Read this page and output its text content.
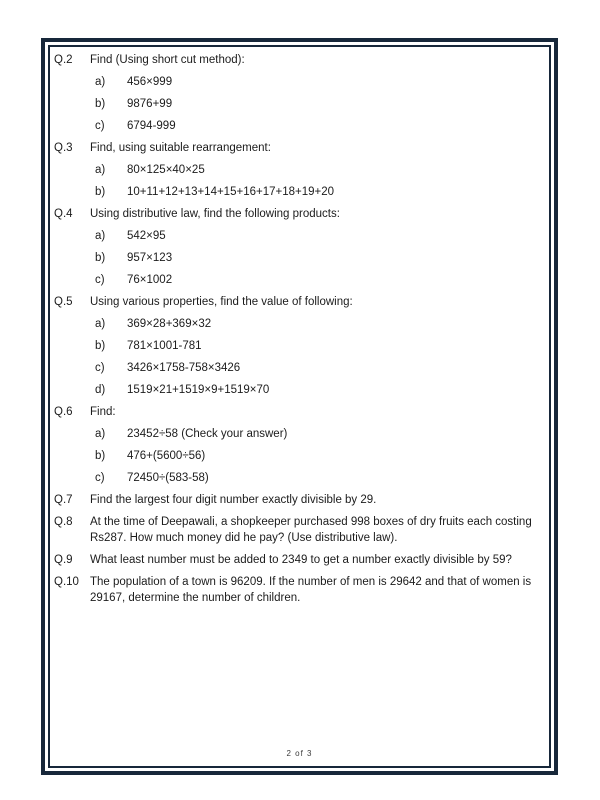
Q.2	Find (Using short cut method):
a)	456×999
b)	9876+99
c)	6794-999
Q.3	Find, using suitable rearrangement:
a)	80×125×40×25
b)	10+11+12+13+14+15+16+17+18+19+20
Q.4	Using distributive law, find the following products:
a)	542×95
b)	957×123
c)	76×1002
Q.5	Using various properties, find the value of following:
a)	369×28+369×32
b)	781×1001-781
c)	3426×1758-758×3426
d)	1519×21+1519×9+1519×70
Q.6	Find:
a)	23452÷58 (Check your answer)
b)	476+(5600÷56)
c)	72450÷(583-58)
Q.7	Find the largest four digit number exactly divisible by 29.
Q.8	At the time of Deepawali, a shopkeeper purchased 998 boxes of dry fruits each costing Rs287. How much money did he pay? (Use distributive law).
Q.9	What least number must be added to 2349 to get a number exactly divisible by 59?
Q.10 The population of a town is 96209. If the number of men is 29642 and that of women is 29167, determine the number of children.
2 of 3
